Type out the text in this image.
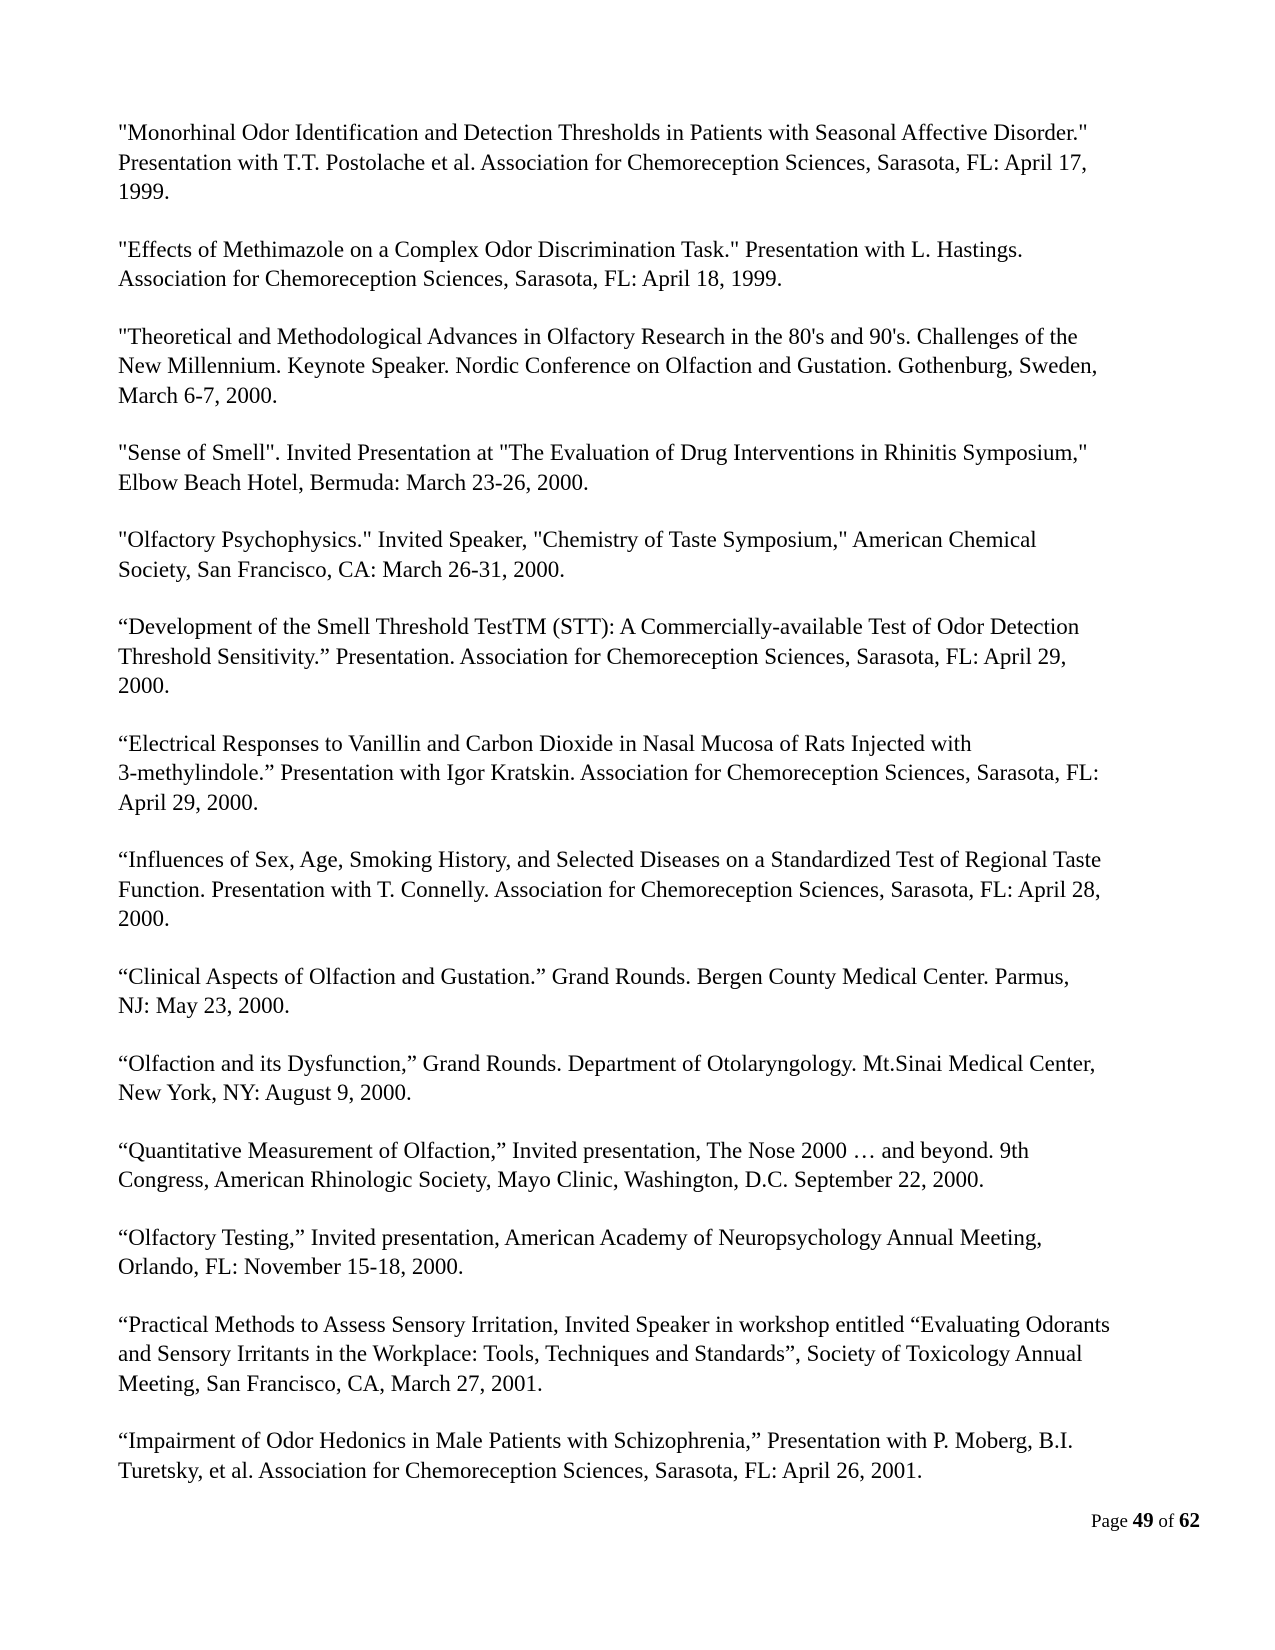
"Monorhinal Odor Identification and Detection Thresholds in Patients with Seasonal Affective Disorder."
Presentation with T.T. Postolache et al. Association for Chemoreception Sciences, Sarasota, FL: April 17,
1999.

"Effects of Methimazole on a Complex Odor Discrimination Task." Presentation with L. Hastings.
Association for Chemoreception Sciences, Sarasota, FL: April 18, 1999.

"Theoretical and Methodological Advances in Olfactory Research in the 80's and 90's. Challenges of the
New Millennium. Keynote Speaker. Nordic Conference on Olfaction and Gustation. Gothenburg, Sweden,
March 6-7, 2000.

"Sense of Smell". Invited Presentation at "The Evaluation of Drug Interventions in Rhinitis Symposium,"
Elbow Beach Hotel, Bermuda: March 23-26, 2000.

"Olfactory Psychophysics." Invited Speaker, "Chemistry of Taste Symposium," American Chemical
Society, San Francisco, CA: March 26-31, 2000.

“Development of the Smell Threshold TestTM (STT): A Commercially-available Test of Odor Detection
Threshold Sensitivity.” Presentation. Association for Chemoreception Sciences, Sarasota, FL: April 29,
2000.

“Electrical Responses to Vanillin and Carbon Dioxide in Nasal Mucosa of Rats Injected with
3-methylindole.” Presentation with Igor Kratskin. Association for Chemoreception Sciences, Sarasota, FL:
April 29, 2000.

“Influences of Sex, Age, Smoking History, and Selected Diseases on a Standardized Test of Regional Taste
Function. Presentation with T. Connelly. Association for Chemoreception Sciences, Sarasota, FL: April 28,
2000.

“Clinical Aspects of Olfaction and Gustation.” Grand Rounds. Bergen County Medical Center. Parmus,
NJ: May 23, 2000.

“Olfaction and its Dysfunction,” Grand Rounds. Department of Otolaryngology. Mt.Sinai Medical Center,
New York, NY: August 9, 2000.

“Quantitative Measurement of Olfaction,” Invited presentation, The Nose 2000 … and beyond. 9th
Congress, American Rhinologic Society, Mayo Clinic, Washington, D.C. September 22, 2000.

“Olfactory Testing,” Invited presentation, American Academy of Neuropsychology Annual Meeting,
Orlando, FL: November 15-18, 2000.

“Practical Methods to Assess Sensory Irritation, Invited Speaker in workshop entitled “Evaluating Odorants
and Sensory Irritants in the Workplace: Tools, Techniques and Standards”, Society of Toxicology Annual
Meeting, San Francisco, CA, March 27, 2001.

“Impairment of Odor Hedonics in Male Patients with Schizophrenia,” Presentation with P. Moberg, B.I.
Turetsky, et al. Association for Chemoreception Sciences, Sarasota, FL: April 26, 2001.

Page 49 of 62
